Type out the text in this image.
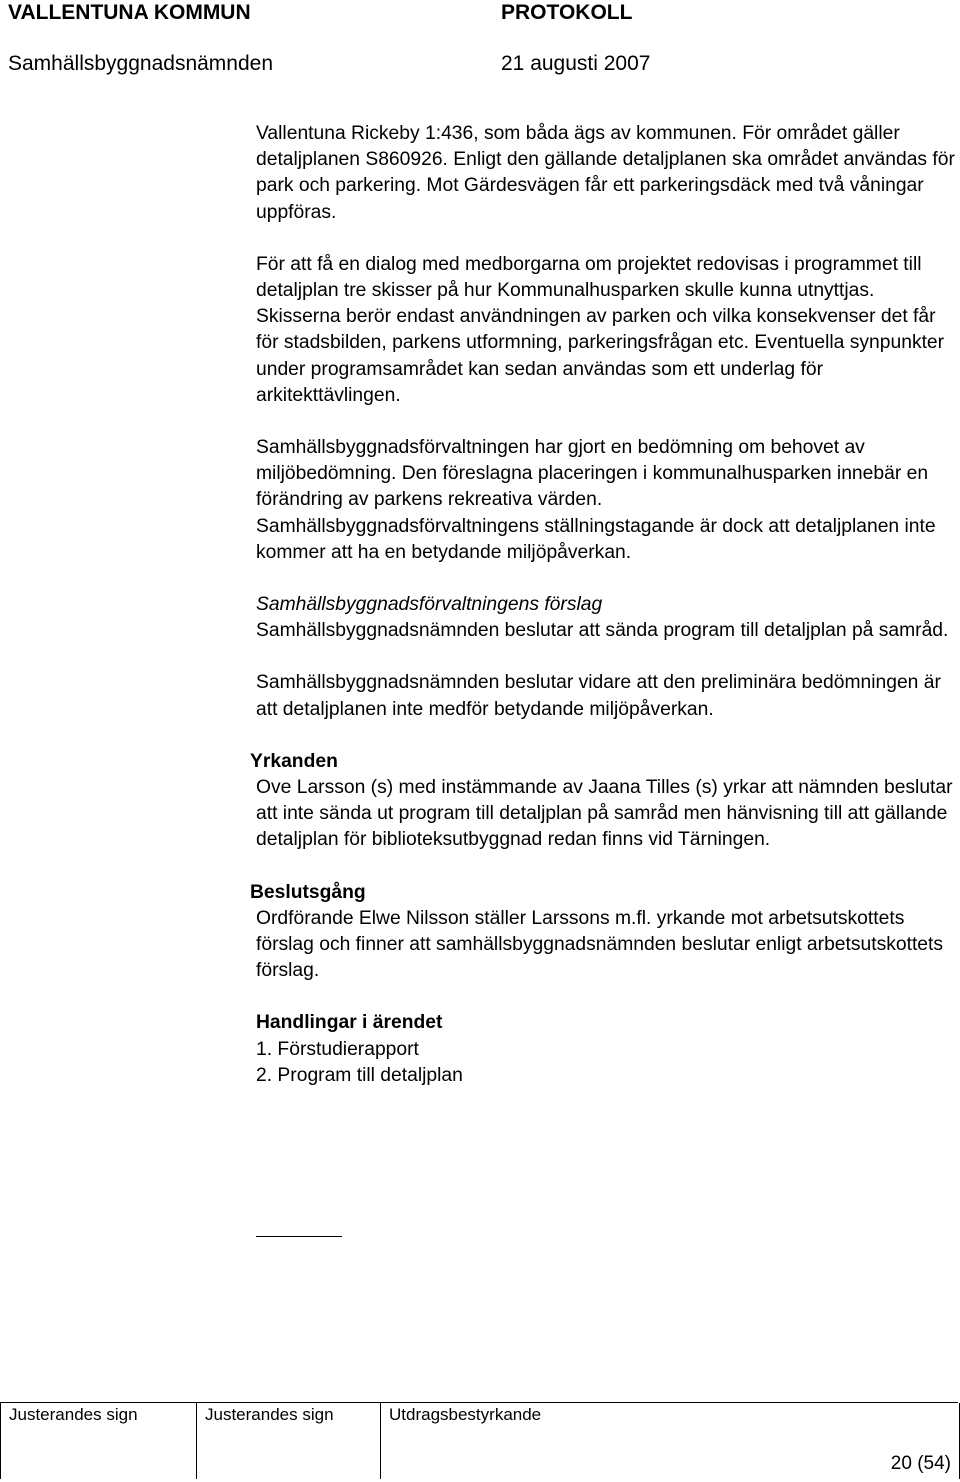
VALLENTUNA KOMMUN	PROTOKOLL
Samhällsbyggnadsnämnden	21 augusti 2007

Vallentuna Rickeby 1:436, som båda ägs av kommunen. För området gäller detaljplanen S860926. Enligt den gällande detaljplanen ska området användas för park och parkering. Mot Gärdesvägen får ett parkeringsdäck med två våningar uppföras.

För att få en dialog med medborgarna om projektet redovisas i programmet till detaljplan tre skisser på hur Kommunalhusparken skulle kunna utnyttjas. Skisserna berör endast användningen av parken och vilka konsekvenser det får för stadsbilden, parkens utformning, parkeringsfrågan etc. Eventuella synpunkter under programsamrådet kan sedan användas som ett underlag för arkitekttävlingen.

Samhällsbyggnadsförvaltningen har gjort en bedömning om behovet av miljöbedömning. Den föreslagna placeringen i kommunalhusparken innebär en förändring av parkens rekreativa värden.

Samhällsbyggnadsförvaltningens ställningstagande är dock att detaljplanen inte kommer att ha en betydande miljöpåverkan.

Samhällsbyggnadsförvaltningens förslag

Samhällsbyggnadsnämnden beslutar att sända program till detaljplan på samråd.

Samhällsbyggnadsnämnden beslutar vidare att den preliminära bedömningen är att detaljplanen inte medför betydande miljöpåverkan.

Yrkanden

Ove Larsson (s) med instämmande av Jaana Tilles (s) yrkar att nämnden beslutar att inte sända ut program till detaljplan på samråd men hänvisning till att gällande detaljplan för biblioteksutbyggnad redan finns vid Tärningen.

Beslutsgång

Ordförande Elwe Nilsson ställer Larssons m.fl. yrkande mot arbetsutskottets förslag och finner att samhällsbyggnadsnämnden beslutar enligt arbetsutskottets förslag.

Handlingar i ärendet

1. Förstudierapport

2. Program till detaljplan

Justerandes sign	Justerandes sign	Utdragsbestyrkande
20 (54)
